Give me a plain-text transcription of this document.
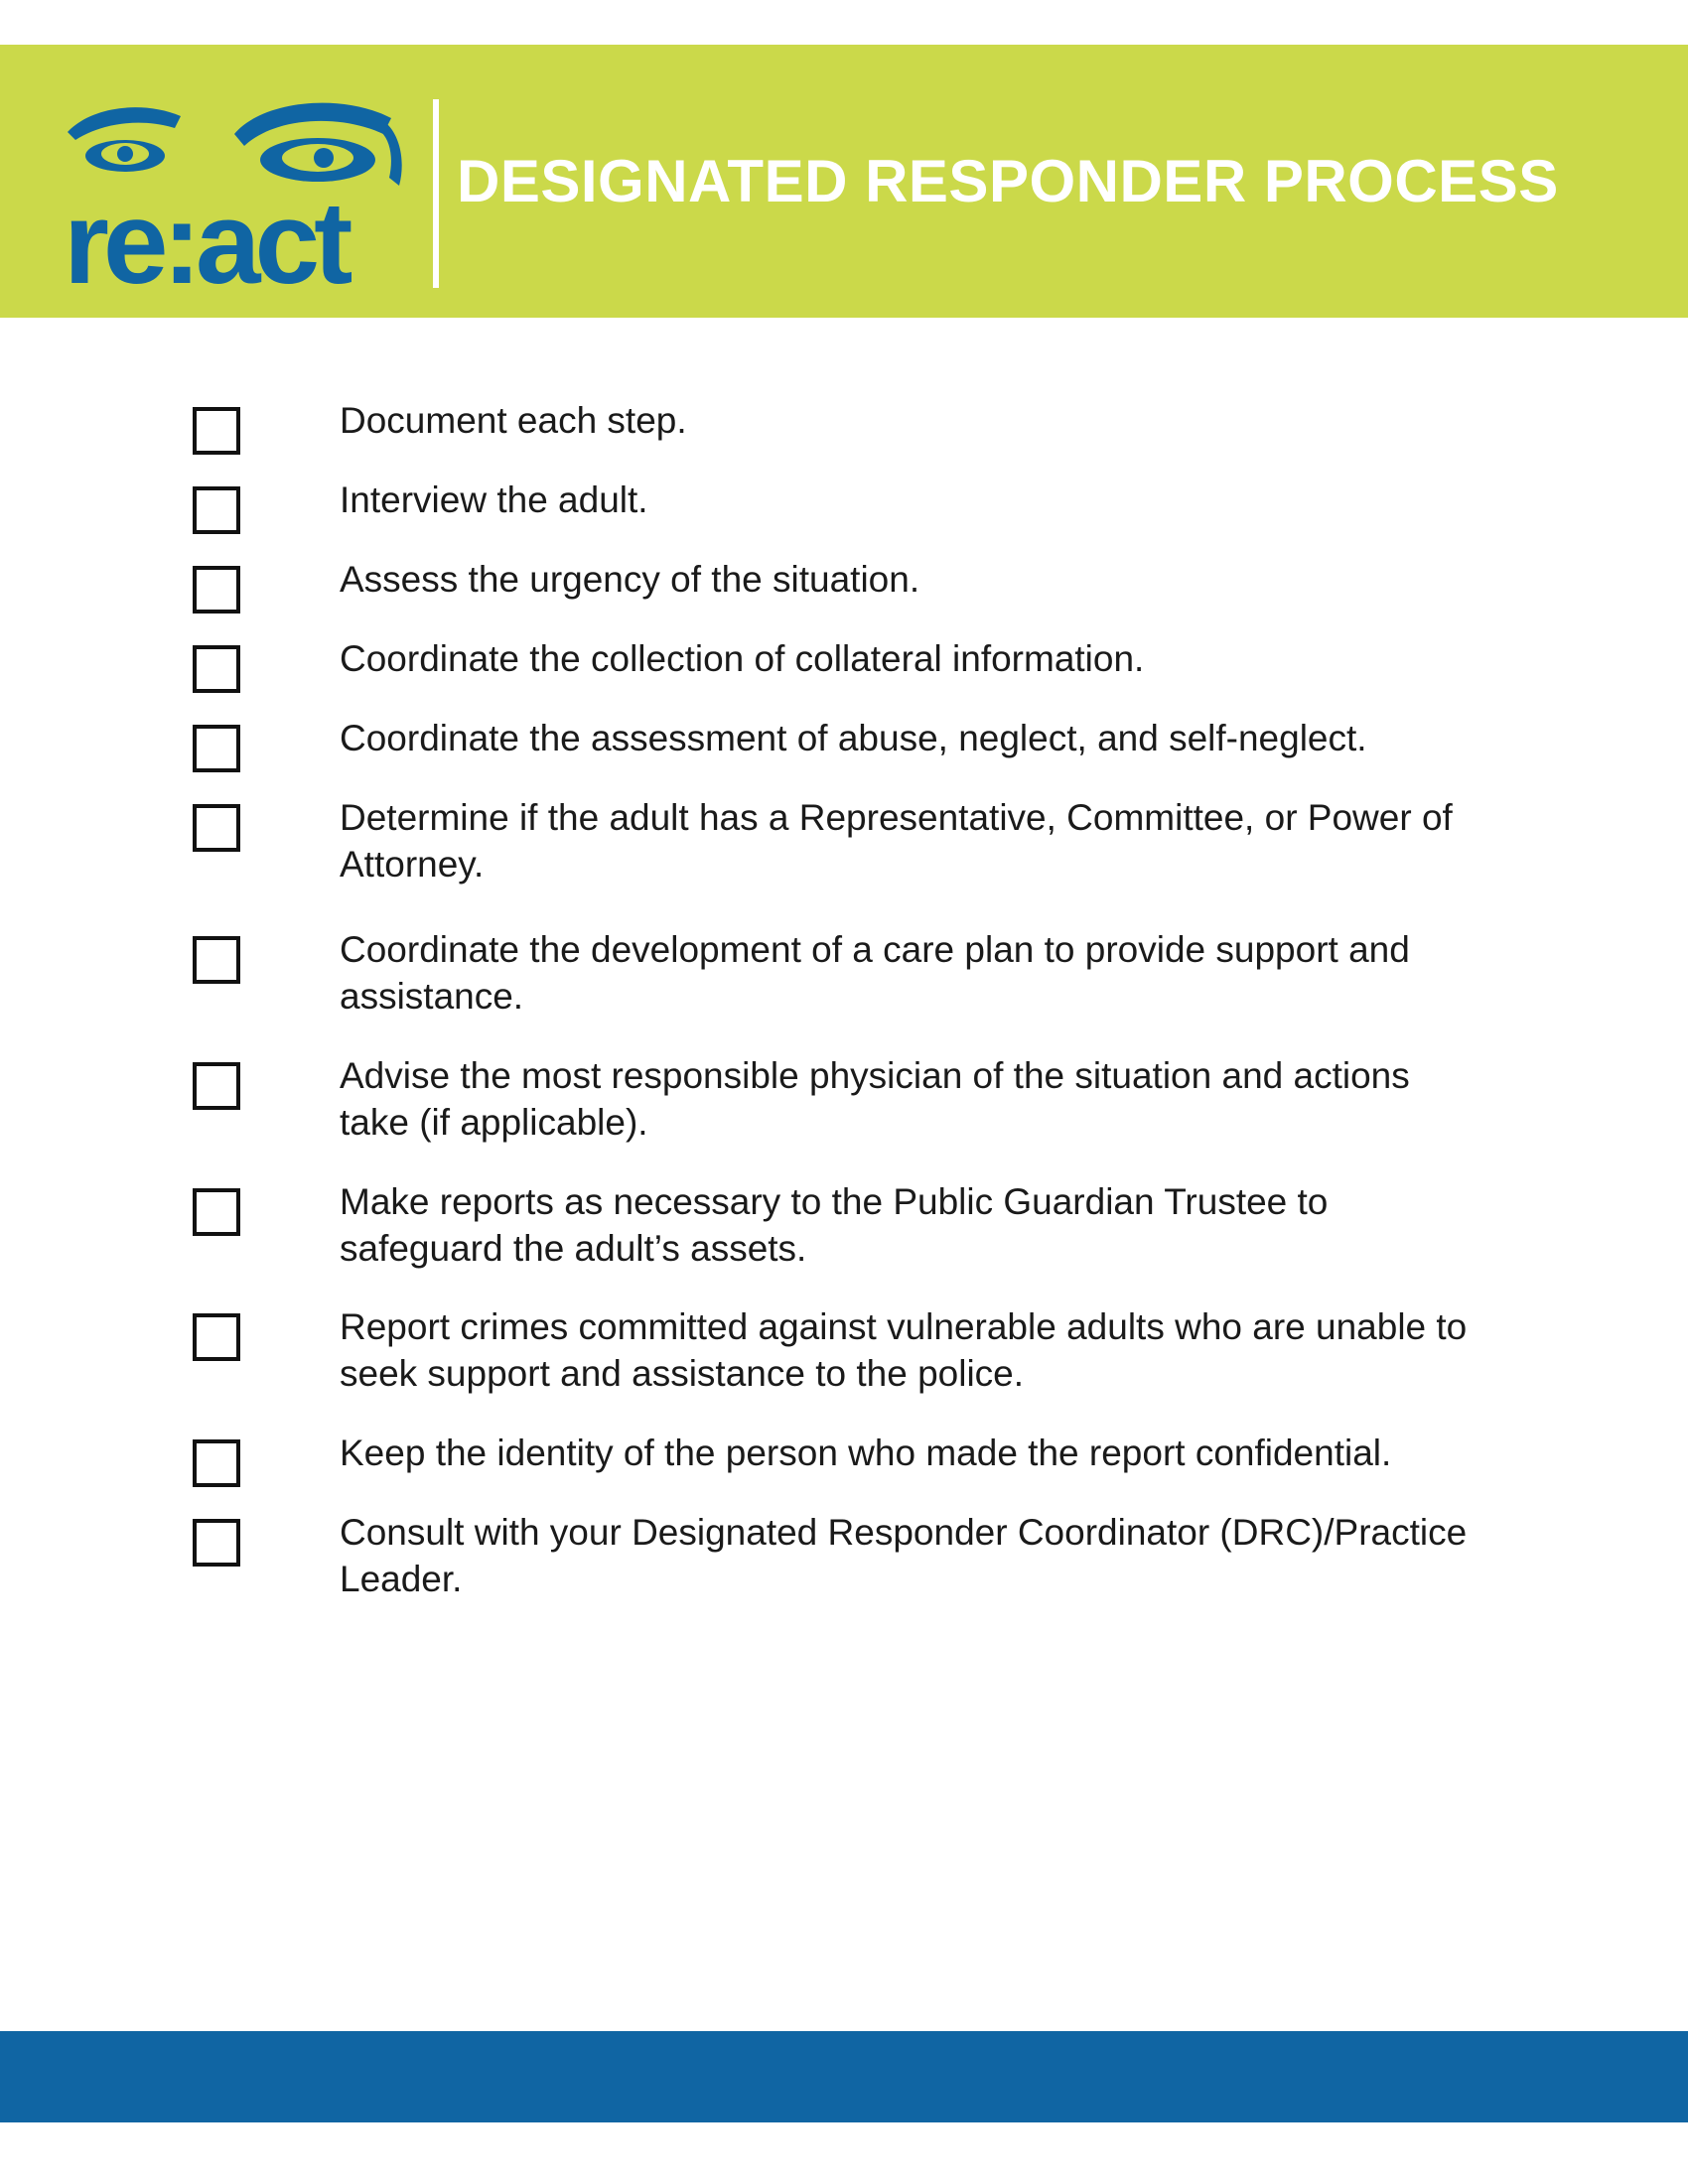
re:act DESIGNATED RESPONDER PROCESS
Document each step.
Interview the adult.
Assess the urgency of the situation.
Coordinate the collection of collateral information.
Coordinate the assessment of abuse, neglect, and self-neglect.
Determine if the adult has a Representative, Committee, or Power of Attorney.
Coordinate the development of a care plan to provide support and assistance.
Advise the most responsible physician of the situation and actions take (if applicable).
Make reports as necessary to the Public Guardian Trustee to safeguard the adult’s assets.
Report crimes committed against vulnerable adults who are unable to seek support and assistance to the police.
Keep the identity of the person who made the report confidential.
Consult with your Designated Responder Coordinator (DRC)/Practice Leader.
